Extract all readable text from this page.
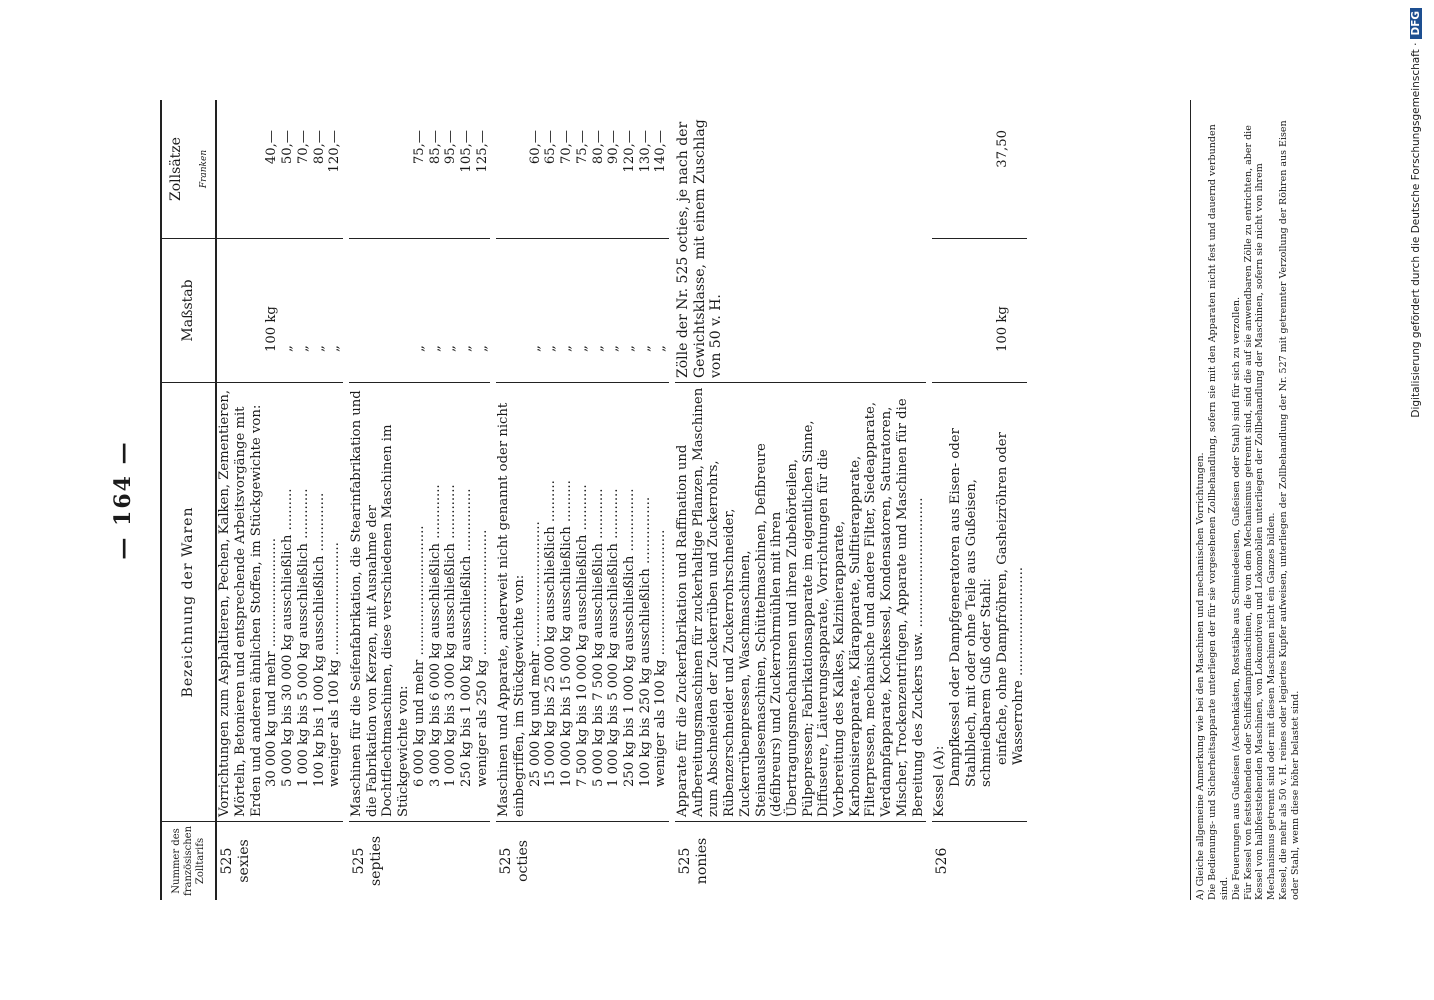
— 164 —
Nummer des französischen Zolltarifs	Bezeichnung der Waren	Maßstab	Zollsätze Franken

525 sexies	Vorrichtungen zum Asphaltieren, Pechen, Kalken, Zementieren, Mörteln, Betonieren und entsprechende Arbeitsvorgänge mit Erden und anderen ähnlichen Stoffen, im Stückgewichte von:		

	30 000 kg und mehr ..........................	100 kg	40,—

	5 000 kg bis 30 000 kg ausschließlich ..........	„	50,—

	1 000 kg bis 5 000 kg ausschließlich ............	„	70,—

	100 kg bis 1 000 kg ausschließlich ..............	„	80,—

	weniger als 100 kg ...........................	„	120,—

525 septies	Maschinen für die Seifenfabrikation, die Stearinfabrikation und die Fabrikation von Kerzen, mit Ausnahme der Dochtflechtmaschinen, diese verschiedenen Maschinen im Stückgewichte von:		

	6 000 kg und mehr ...............................	„	75,—

	3 000 kg bis 6 000 kg ausschließlich .............	„	85,—

	1 000 kg bis 3 000 kg ausschließlich .............	„	95,—

	250 kg bis 1 000 kg ausschließlich ...............	„	105,—

	weniger als 250 kg ..............................	„	125,—

525 octies	Maschinen und Apparate, anderweit nicht genannt oder nicht einbegriffen, im Stückgewichte von:		

	25 000 kg und mehr ..............................	„	60,—

	15 000 kg bis 25 000 kg ausschließlich ..........	„	65,—

	10 000 kg bis 15 000 kg ausschließlich ..........	„	70,—

	7 500 kg bis 10 000 kg ausschließlich ...........	„	75,—

	5 000 kg bis 7 500 kg ausschließlich ............	„	80,—

	1 000 kg bis 5 000 kg ausschließlich ............	„	90,—

	250 kg bis 1 000 kg ausschließlich ...............	„	120,—

	100 kg bis 250 kg ausschließlich ................	„	130,—

	weniger als 100 kg ..............................	„	140,—

525 nonies	Apparate für die Zuckerfabrikation und Raffination und Aufbereitungsmaschinen für zuckerhaltige Pflanzen, Maschinen zum Abschneiden der Zuckerrüben und Zuckerrohrs, Rübenzerschneider und Zuckerrohrschneider, Zuckerrübenpressen, Waschmaschinen, Steinauslesemaschinen, Schüttelmaschinen, Defibreure (défibreurs) und Zuckerrohrmühlen mit ihren Übertragungsmechanismen und ihren Zubehörteilen, Pülpepressen; Fabrikationsapparate im eigentlichen Sinne, Diffuseure, Läuterungsapparate, Vorrichtungen für die Vorbereitung des Kalkes, Kalzinierapparate, Karbonisierapparate, Klärapparate, Sulfitierapparate, Filterpressen, mechanische und andere Filter, Siedeapparate, Verdampfapparate, Kochkessel, Kondensatoren, Saturatoren, Mischer, Trockenzentrifugen, Apparate und Maschinen für die Bereitung des Zuckers usw. ...............................	Zölle der Nr. 525 octies, je nach der Gewichtsklasse, mit einem Zuschlag von 50 v. H.	

526	Kessel (A):		

	Dampfkessel oder Dampfgeneratoren aus Eisen- oder Stahlblech, mit oder ohne Teile aus Gußeisen, schmiedbarem Guß oder Stahl:		

	einfache, ohne Dampfröhren, Gasheizröhren oder Wasserrohre ..........................	100 kg	37,50

A) Gleiche allgemeine Anmerkung wie bei den Maschinen und mechanischen Vorrichtungen. Die Bedienungs- und Sicherheitsapparate unterliegen der für sie vorgesehenen Zollbehandlung, sofern sie mit den Apparaten nicht fest und dauernd verbunden sind. Die Feuerungen aus Gußeisen (Aschenkästen, Roststäbe aus Schmiedeeisen, Gußeisen oder Stahl) sind für sich zu verzollen. Für Kessel von feststehenden oder Schiffsdampfmaschinen, die von dem Mechanismus getrennt sind, sind die auf sie anwendbaren Zölle zu entrichten, aber die Kessel von halbfeststehenden Maschinen, von Lokomotiven und Lokomobilen unterliegen der Zollbehandlung der Maschinen, sofern sie nicht von ihrem Mechanismus getrennt sind oder mit diesen Maschinen nicht ein Ganzes bilden. Kessel, die mehr als 50 v. H. reines oder legiertes Kupfer aufweisen, unterliegen der Zollbehandlung der Nr. 527 mit getrennter Verzollung der Röhren aus Eisen oder Stahl, wenn diese höher belastet sind.
Digitalisierung gefördert durch die Deutsche Forschungsgemeinschaft ·DFG
